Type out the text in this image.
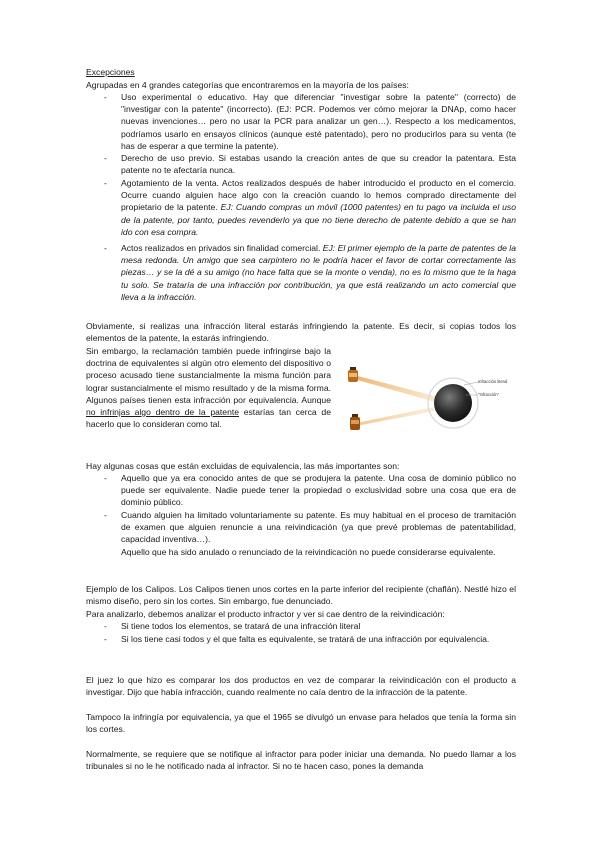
Excepciones

Agrupadas en 4 grandes categorías que encontraremos en la mayoría de los países:

- Uso experimental o educativo. Hay que diferenciar "investigar sobre la patente" (correcto) de "investigar con la patente" (incorrecto). (EJ: PCR. Podemos ver cómo mejorar la DNAp, como hacer nuevas invenciones… pero no usar la PCR para analizar un gen…). Respecto a los medicamentos, podríamos usarlo en ensayos clínicos (aunque esté patentado), pero no producirlos para su venta (te has de esperar a que termine la patente).

- Derecho de uso previo. Si estabas usando la creación antes de que su creador la patentara. Esta patente no te afectaría nunca.

- Agotamiento de la venta. Actos realizados después de haber introducido el producto en el comercio. Ocurre cuando alguien hace algo con la creación cuando lo hemos comprado directamente del propietario de la patente. EJ: Cuando compras un móvil (1000 patentes) en tu pago va incluida el uso de la patente, por tanto, puedes revenderlo ya que no tiene derecho de patente debido a que se han ido con esa compra.

- Actos realizados en privados sin finalidad comercial. EJ: El primer ejemplo de la parte de patentes de la mesa redonda. Un amigo que sea carpintero no le podría hacer el favor de cortar correctamente las piezas… y se la dé a su amigo (no hace falta que se la monte o venda), no es lo mismo que te la haga tu solo. Se trataría de una infracción por contribución, ya que está realizando un acto comercial que lleva a la infracción.

Obviamente, si realizas una infracción literal estarás infringiendo la patente. Es decir, si copias todos los elementos de la patente, la estarás infringiendo.

Sin embargo, la reclamación también puede infringirse bajo la doctrina de equivalentes si algún otro elemento del dispositivo o proceso acusado tiene sustancialmente la misma función para lograr sustancialmente el mismo resultado y de la misma forma. Algunos países tienen esta infracción por equivalencia. Aunque no infrinjas algo dentro de la patente estarías tan cerca de hacerlo que lo consideran como tal.

Infracción literal
"Infracción"

Hay algunas cosas que están excluidas de equivalencia, las más importantes son:

- Aquello que ya era conocido antes de que se produjera la patente. Una cosa de dominio público no puede ser equivalente. Nadie puede tener la propiedad o exclusividad sobre una cosa que era de dominio público.

- Cuando alguien ha limitado voluntariamente su patente. Es muy habitual en el proceso de tramitación de examen que alguien renuncie a una reivindicación (ya que prevé problemas de patentabilidad, capacidad inventiva…).

Aquello que ha sido anulado o renunciado de la reivindicación no puede considerarse equivalente.

Ejemplo de los Calipos. Los Calipos tienen unos cortes en la parte inferior del recipiente (chaflán). Nestlé hizo el mismo diseño, pero sin los cortes. Sin embargo, fue denunciado.

Para analizarlo, debemos analizar el producto infractor y ver si cae dentro de la reivindicación:

- Si tiene todos los elementos, se tratará de una infracción literal

- Si los tiene casi todos y el que falta es equivalente, se tratará de una infracción por equivalencia.

El juez lo que hizo es comparar los dos productos en vez de comparar la reivindicación con el producto a investigar. Dijo que había infracción, cuando realmente no caía dentro de la infracción de la patente.

Tampoco la infringía por equivalencia, ya que el 1965 se divulgó un envase para helados que tenía la forma sin los cortes.

Normalmente, se requiere que se notifique al infractor para poder iniciar una demanda. No puedo llamar a los tribunales si no le he notificado nada al infractor. Si no te hacen caso, pones la demanda
